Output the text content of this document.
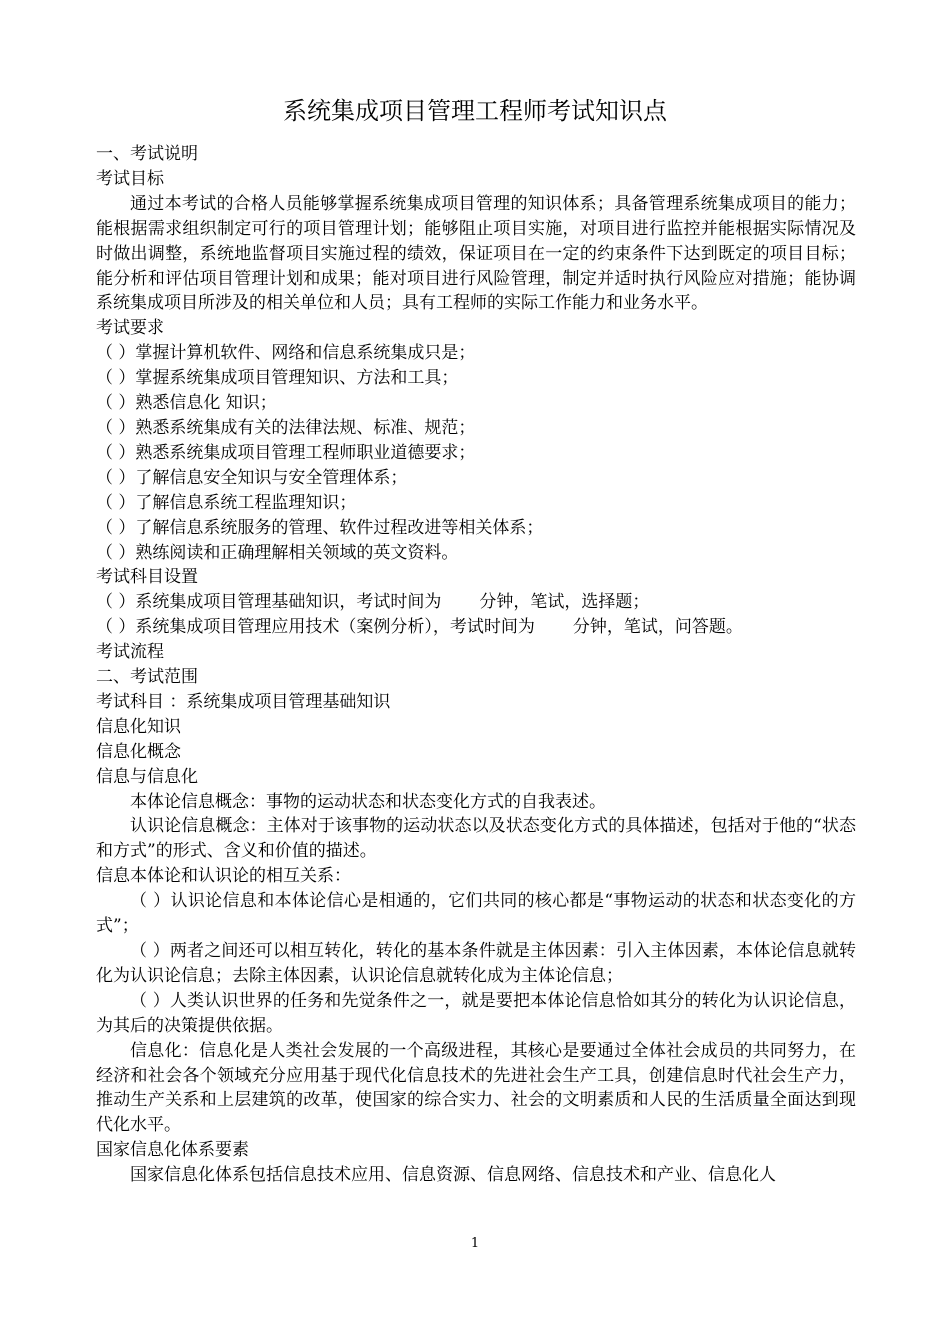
系统集成项目管理工程师考试知识点

一、考试说明

考试目标

通过本考试的合格人员能够掌握系统集成项目管理的知识体系；具备管理系统集成项目的能力；能根据需求组织制定可行的项目管理计划；能够阻止项目实施，对项目进行监控并能根据实际情况及时做出调整，系统地监督项目实施过程的绩效，保证项目在一定的约束条件下达到既定的项目目标；能分析和评估项目管理计划和成果；能对项目进行风险管理，制定并适时执行风险应对措施；能协调系统集成项目所涉及的相关单位和人员；具有工程师的实际工作能力和业务水平。

考试要求

（ ）掌握计算机软件、网络和信息系统集成只是；

（ ）掌握系统集成项目管理知识、方法和工具；

（ ）熟悉信息化 知识；

（ ）熟悉系统集成有关的法律法规、标准、规范；

（ ）熟悉系统集成项目管理工程师职业道德要求；

（ ）了解信息安全知识与安全管理体系；

（ ）了解信息系统工程监理知识；

（ ）了解信息系统服务的管理、软件过程改进等相关体系；

（ ）熟练阅读和正确理解相关领域的英文资料。

考试科目设置

（ ）系统集成项目管理基础知识，考试时间为 分钟，笔试，选择题；

（ ）系统集成项目管理应用技术（案例分析），考试时间为 分钟，笔试，问答题。

考试流程

二、考试范围

考试科目 ：系统集成项目管理基础知识

信息化知识

信息化概念

信息与信息化

本体论信息概念：事物的运动状态和状态变化方式的自我表述。

认识论信息概念：主体对于该事物的运动状态以及状态变化方式的具体描述，包括对于他的“状态和方式”的形式、含义和价值的描述。

信息本体论和认识论的相互关系：

（ ）认识论信息和本体论信心是相通的，它们共同的核心都是“事物运动的状态和状态变化的方式”；

（ ）两者之间还可以相互转化，转化的基本条件就是主体因素：引入主体因素，本体论信息就转化为认识论信息；去除主体因素，认识论信息就转化成为主体论信息；

（ ）人类认识世界的任务和先觉条件之一，就是要把本体论信息恰如其分的转化为认识论信息，为其后的决策提供依据。

信息化：信息化是人类社会发展的一个高级进程，其核心是要通过全体社会成员的共同努力，在经济和社会各个领域充分应用基于现代化信息技术的先进社会生产工具，创建信息时代社会生产力，推动生产关系和上层建筑的改革，使国家的综合实力、社会的文明素质和人民的生活质量全面达到现代化水平。

国家信息化体系要素

国家信息化体系包括信息技术应用、信息资源、信息网络、信息技术和产业、信息化人

1
